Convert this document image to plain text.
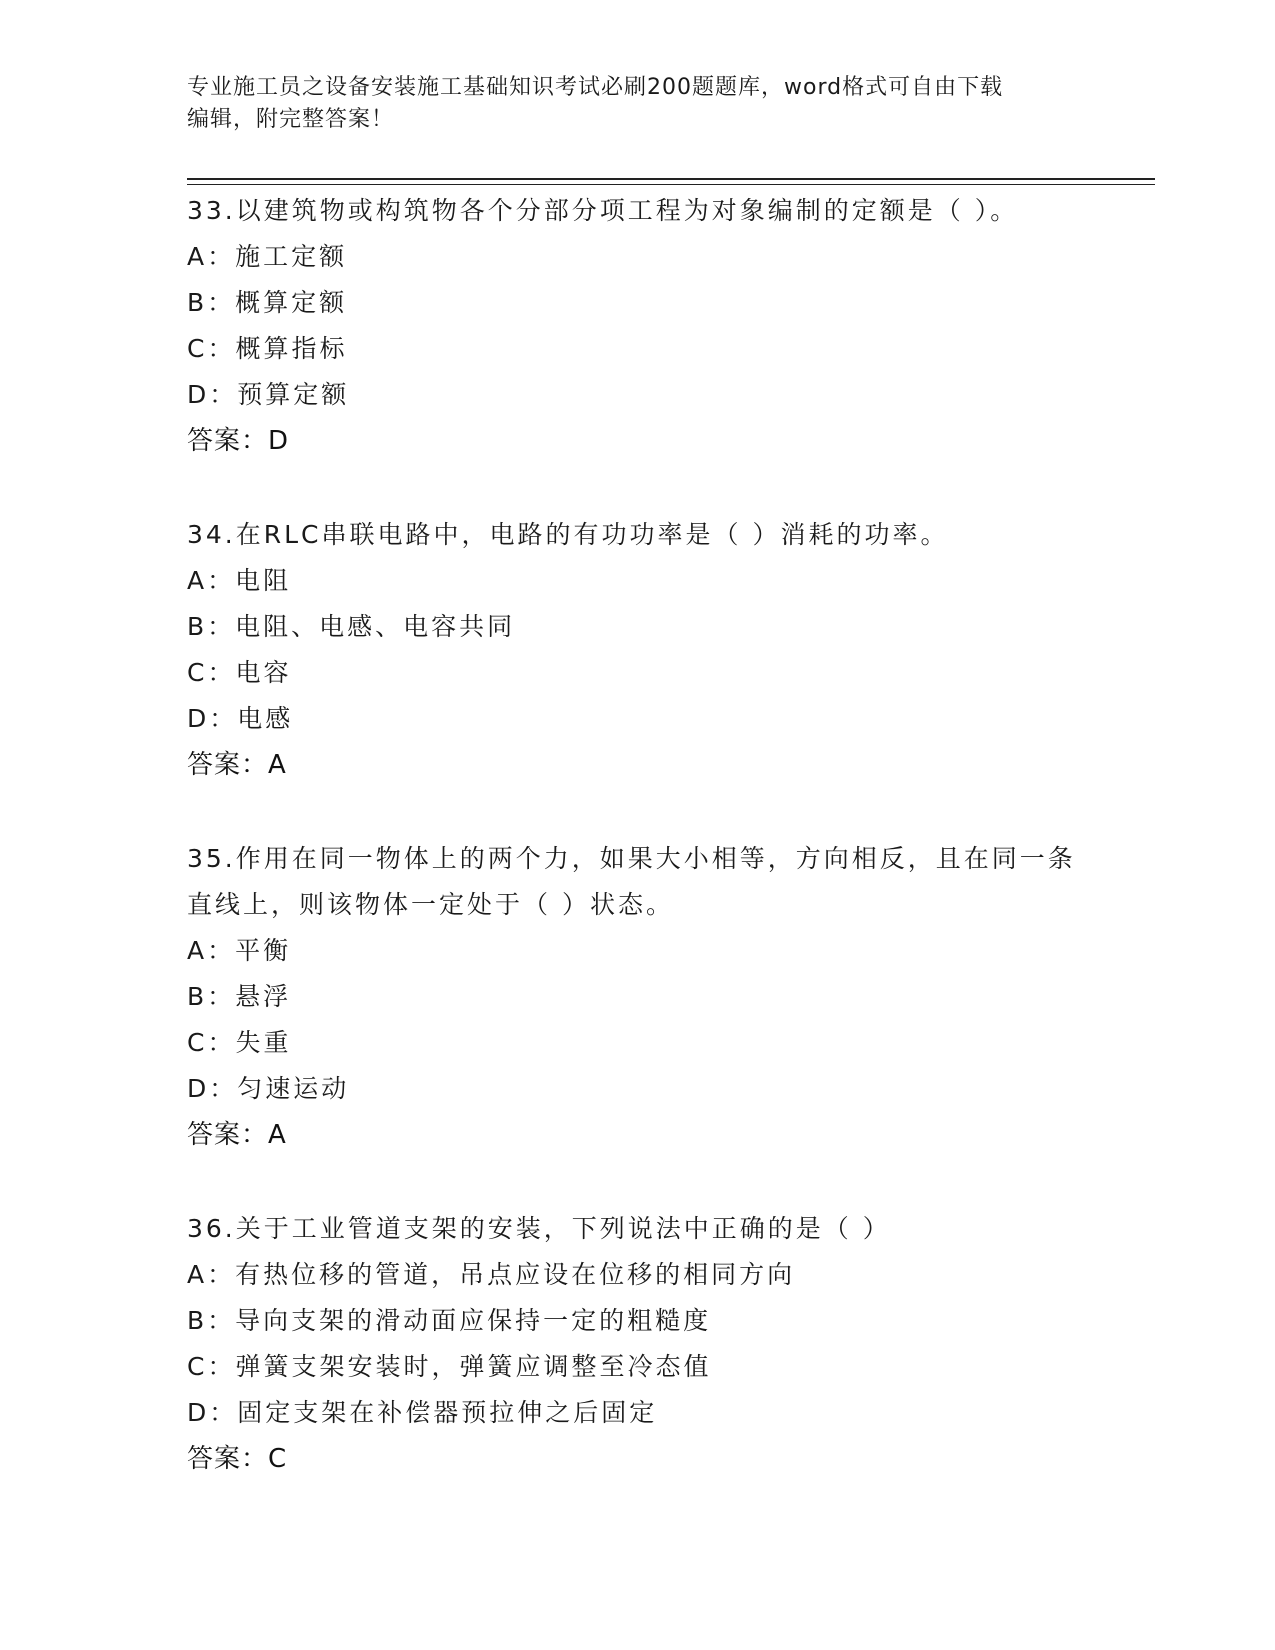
专业施工员之设备安装施工基础知识考试必刷200题题库，word格式可自由下载
编辑，附完整答案！
33.以建筑物或构筑物各个分部分项工程为对象编制的定额是（ ）。
A：施工定额
B：概算定额
C：概算指标
D：预算定额
答案：D
34.在RLC串联电路中，电路的有功功率是（ ）消耗的功率。
A：电阻
B：电阻、电感、电容共同
C：电容
D：电感
答案：A
35.作用在同一物体上的两个力，如果大小相等，方向相反，且在同一条直线上，则该物体一定处于（ ）状态。
A：平衡
B：悬浮
C：失重
D：匀速运动
答案：A
36.关于工业管道支架的安装，下列说法中正确的是（ ）
A：有热位移的管道，吊点应设在位移的相同方向
B：导向支架的滑动面应保持一定的粗糙度
C：弹簧支架安装时，弹簧应调整至冷态值
D：固定支架在补偿器预拉伸之后固定
答案：C
